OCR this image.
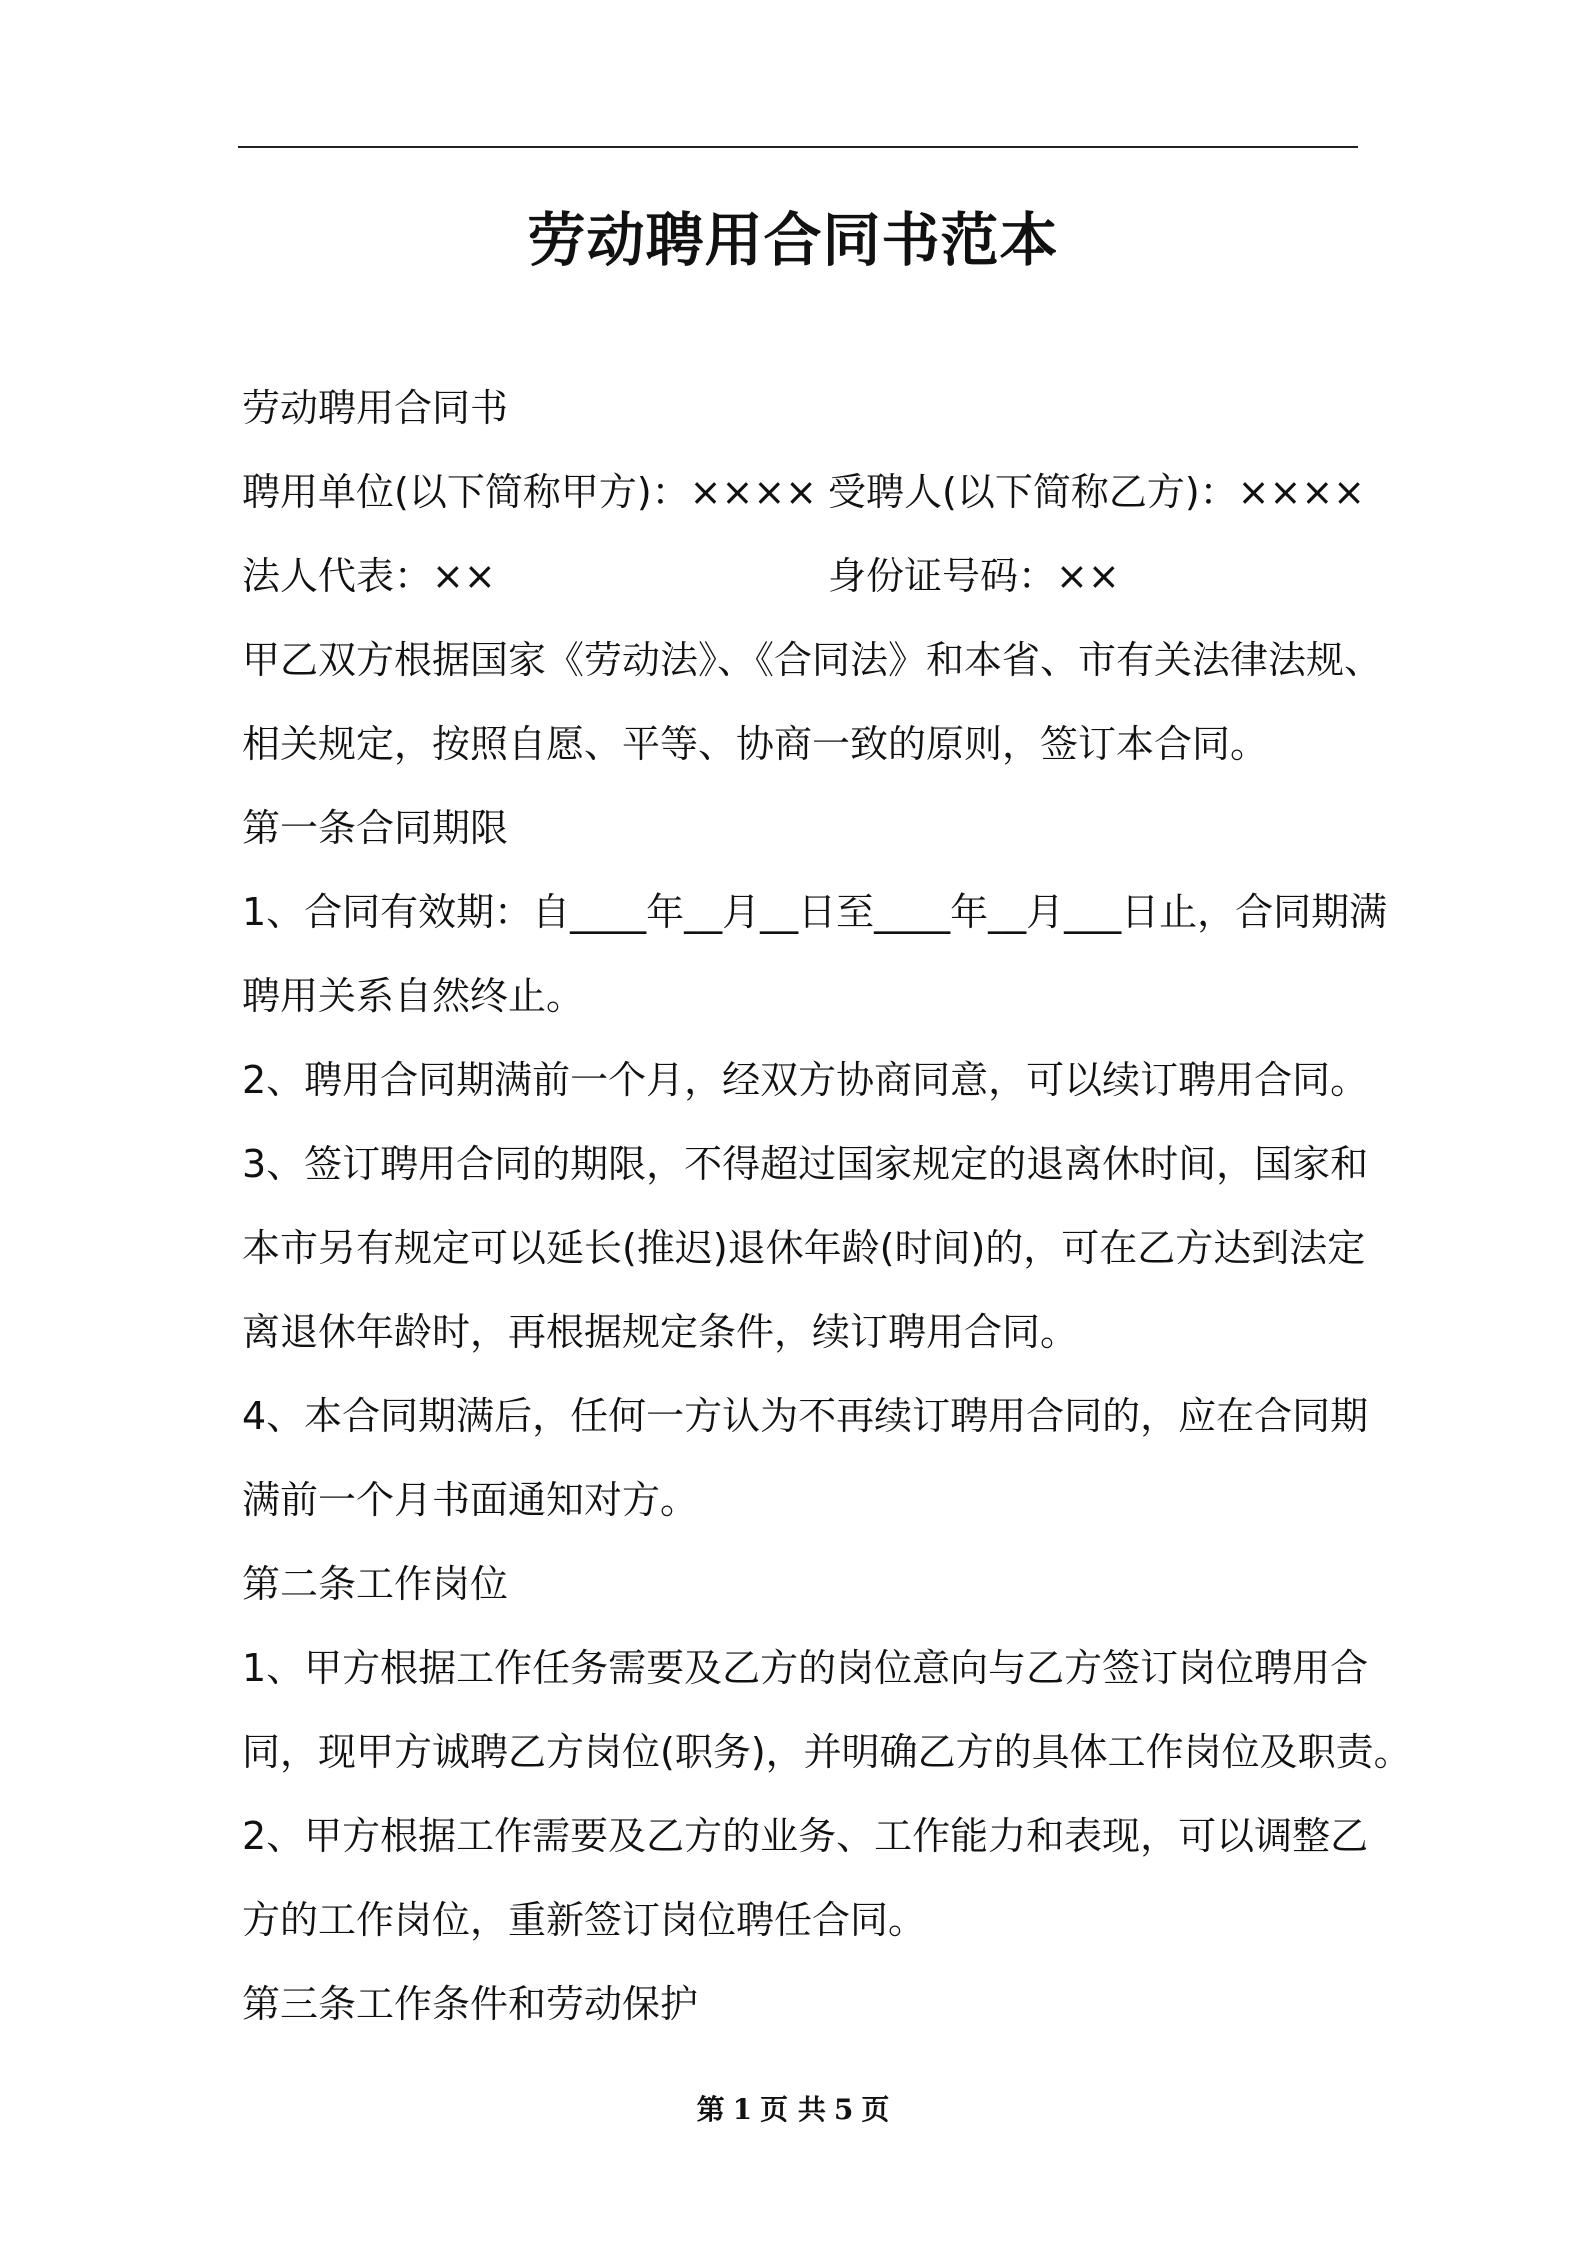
劳动聘用合同书范本

劳动聘用合同书

聘用单位(以下简称甲方)：×××× 受聘人(以下简称乙方)：××××

法人代表：××	身份证号码：××

甲乙双方根据国家《劳动法》、《合同法》和本省、市有关法律法规、

相关规定，按照自愿、平等、协商一致的原则，签订本合同。

第一条合同期限

1、合同有效期：自____年__月__日至____年__月___日止，合同期满

聘用关系自然终止。

2、聘用合同期满前一个月，经双方协商同意，可以续订聘用合同。

3、签订聘用合同的期限，不得超过国家规定的退离休时间，国家和

本市另有规定可以延长(推迟)退休年龄(时间)的，可在乙方达到法定

离退休年龄时，再根据规定条件，续订聘用合同。

4、本合同期满后，任何一方认为不再续订聘用合同的，应在合同期

满前一个月书面通知对方。

第二条工作岗位

1、甲方根据工作任务需要及乙方的岗位意向与乙方签订岗位聘用合

同，现甲方诚聘乙方岗位(职务)，并明确乙方的具体工作岗位及职责。

2、甲方根据工作需要及乙方的业务、工作能力和表现，可以调整乙

方的工作岗位，重新签订岗位聘任合同。

第三条工作条件和劳动保护

第 1 页 共 5 页
